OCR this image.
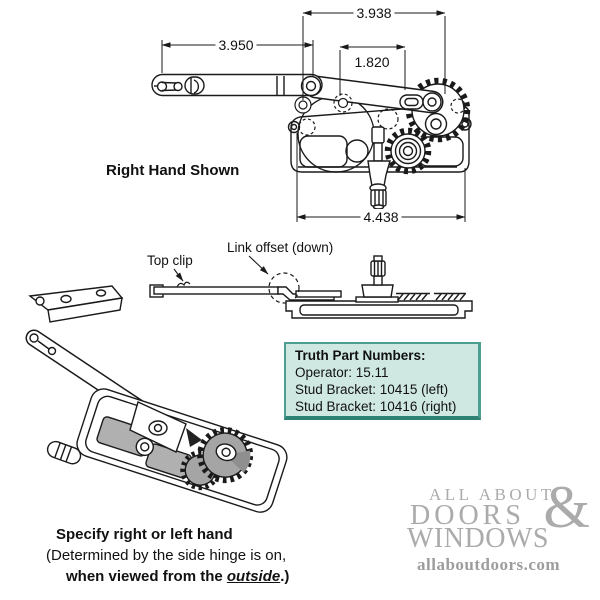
3.938
3.950
1.820
4.438
Right Hand Shown
Top clip
Link offset (down)
Truth Part Numbers:
Operator: 15.11
Stud Bracket: 10415 (left)
Stud Bracket: 10416 (right)
Specify right or left hand
(Determined by the side hinge is on,
when viewed from the outside.)
ALL ABOUT
DOORS
WINDOWS
allaboutdoors.com
&
